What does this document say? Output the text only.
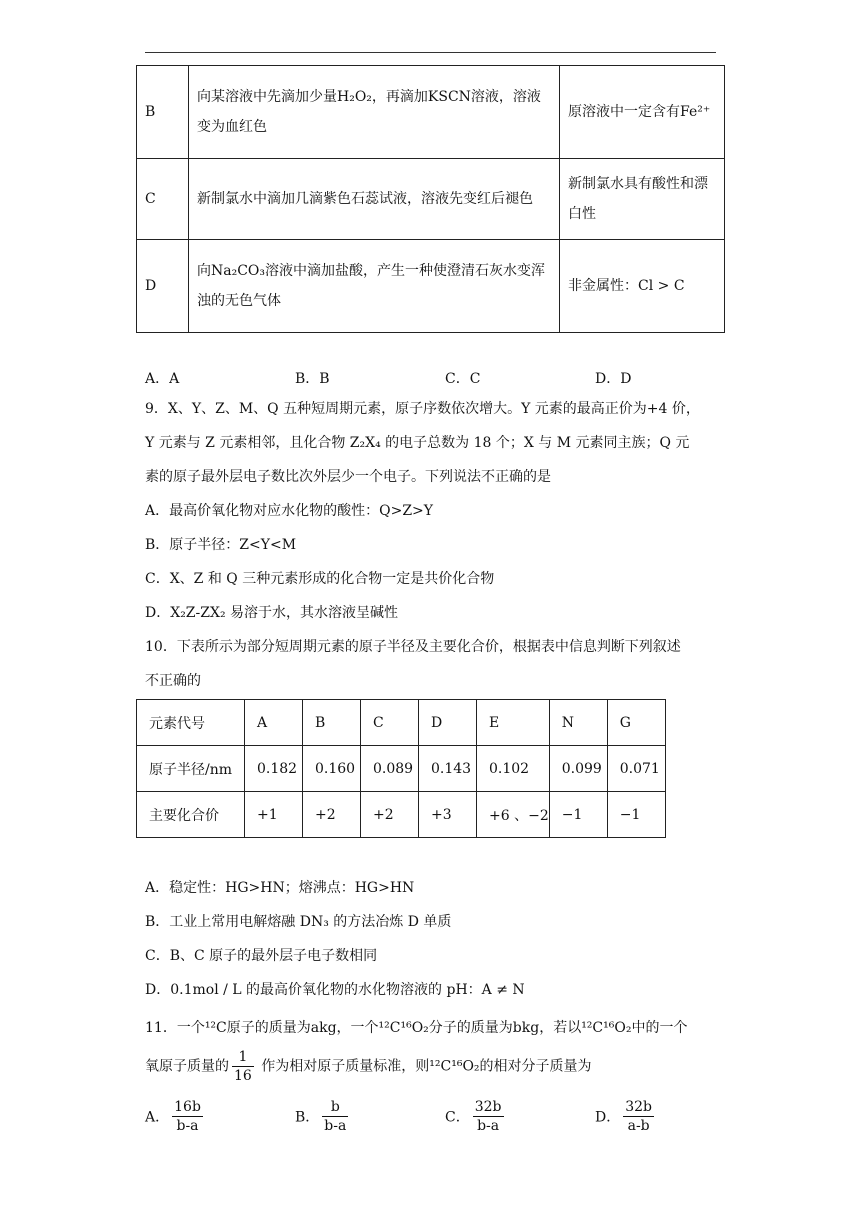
B	向某溶液中先滴加少量H₂O₂，再滴加KSCN溶液，溶液变为血红色	原溶液中一定含有Fe²⁺
C	新制氯水中滴加几滴紫色石蕊试液，溶液先变红后褪色	新制氯水具有酸性和漂白性
D	向Na₂CO₃溶液中滴加盐酸，产生一种使澄清石灰水变浑浊的无色气体	非金属性：Cl > C
A．A	B．B	C．C	D．D
9．X、Y、Z、M、Q 五种短周期元素，原子序数依次增大。Y 元素的最高正价为+4 价，
Y 元素与 Z 元素相邻，且化合物 Z₂X₄ 的电子总数为 18 个；X 与 M 元素同主族；Q 元
素的原子最外层电子数比次外层少一个电子。下列说法不正确的是
A．最高价氧化物对应水化物的酸性：Q>Z>Y
B．原子半径：Z<Y<M
C．X、Z 和 Q 三种元素形成的化合物一定是共价化合物
D．X₂Z-ZX₂ 易溶于水，其水溶液呈碱性
10．下表所示为部分短周期元素的原子半径及主要化合价，根据表中信息判断下列叙述
不正确的
元素代号	A	B	C	D	E	N	G
原子半径/nm	0.182	0.160	0.089	0.143	0.102	0.099	0.071
主要化合价	+1	+2	+2	+3	+6 、−2	−1	−1
A．稳定性：HG>HN；熔沸点：HG>HN
B．工业上常用电解熔融 DN₃ 的方法冶炼 D 单质
C．B、C 原子的最外层子电子数相同
D．0.1mol / L 的最高价氧化物的水化物溶液的 pH：A ≠ N
11．一个¹²C原子的质量为akg，一个¹²C¹⁶O₂分子的质量为bkg，若以¹²C¹⁶O₂中的一个
氧原子质量的 $\frac{1}{16}$ 作为相对原子质量标准，则¹²C¹⁶O₂的相对分子质量为
A． $\frac{16b}{b-a}$	B． $\frac{b}{b-a}$	C． $\frac{32b}{b-a}$	D． $\frac{32b}{a-b}$
